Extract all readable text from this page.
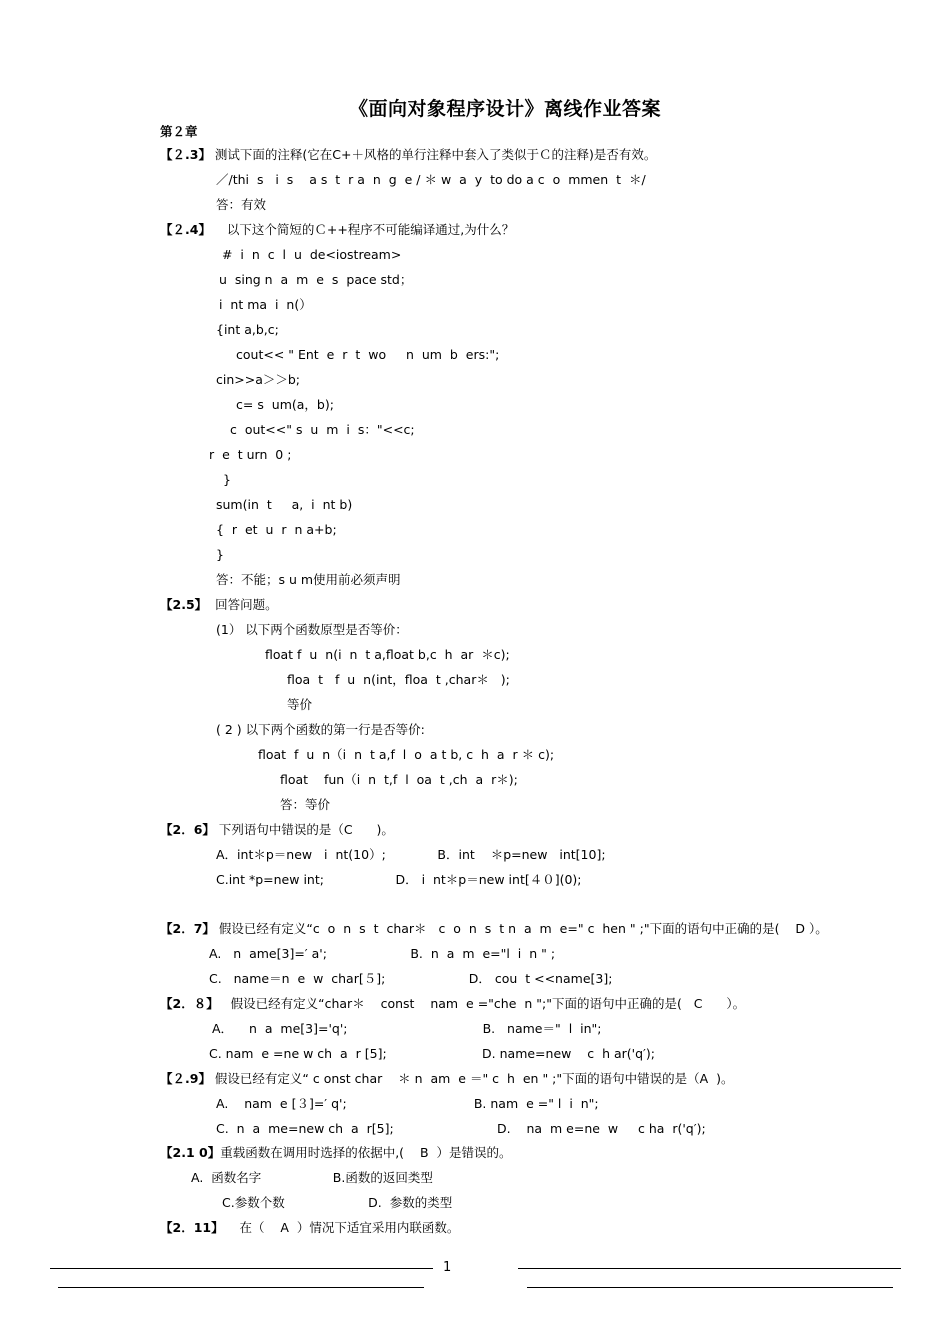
《面向对象程序设计》离线作业答案
第２章
【２.3】 测试下面的注释(它在C+＋风格的单行注释中套入了类似于Ｃ的注释)是否有效。
／/thi  s   i  s    a s  t  r a  n  g  e / ＊ w  a  y  to do a c  o  mmen  t  ＊/
答：有效
【２.4】    以下这个简短的Ｃ++程序不可能编译通过,为什么？
#  i  n  c  l  u  de<iostream>
u  sing n  a  m  e  s  pace std；
i  nt ma  i  n(）
{int a,b,c;
cout<< " Ent  e  r  t  wo     n  um  b  ers:";
cin>>a＞＞b;
c= s  um(a，b);
c  out<<" s  u  m  i  s："<<c;
r  e  t urn  0 ;
}
sum(in  t     a,  i  nt b)
{  r  et  u  r  n a+b;
}
答：不能；s u m使用前必须声明
【2.5】  回答问题。
(1） 以下两个函数原型是否等价：
float f  u  n(i  n  t a,float b,c  h  ar  ＊c);
floa  t   f  u  n(int，floa  t ,char＊   );
等价
( 2 ) 以下两个函数的第一行是否等价:
float  f  u  n（i  n  t a,f  l  o  a t b, c  h  a  r ＊ c);
float    fun（i  n  t,f  l  oa  t ,ch  a  r＊);
答：等价
【2．6】 下列语句中错误的是（C      )。
A．int＊p＝new   i  nt(10）;             B．int    ＊p=new   int[10];
C.int *p=new int;                  D． i  nt＊p＝new int[４０](0);
【2．7】 假设已经有定义“c  o  n  s  t  char＊   c  o  n  s  t n  a  m  e=" c  hen " ;"下面的语句中正确的是(    D ）。
A.   n  ame[3]=′ a';                     B.  n  a  m  e="l  i  n " ;
C.   name＝n  e  w  char[５];                     D． cou  t <<name[3];
【2．８】   假设已经有定义“char＊    const    nam  e ="che  n ";"下面的语句中正确的是(   C      ）。
A．    n  a  me[3]='q';                                  B.   name＝"  l  in";
C. nam  e =ne w ch  a  r [5];                        D. name=new    c  h ar('q′);
【２.9】 假设已经有定义“ c onst char    ＊ n  am  e ＝" c  h  en " ;"下面的语句中错误的是（A  )。
A.    nam  e [３]=′ q';                                B. nam  e =" l  i  n";
C.  n  a  me=new ch  a  r[5];                          D.    na  m e=ne  w     c ha  r('q′);
【2.1 0】重载函数在调用时选择的依据中,(    B  ）是错误的。
A.  函数名字                  B.函数的返回类型
C.参数个数                     D.  参数的类型
【2．11】    在（    A  ）情况下适宜采用内联函数。
1
